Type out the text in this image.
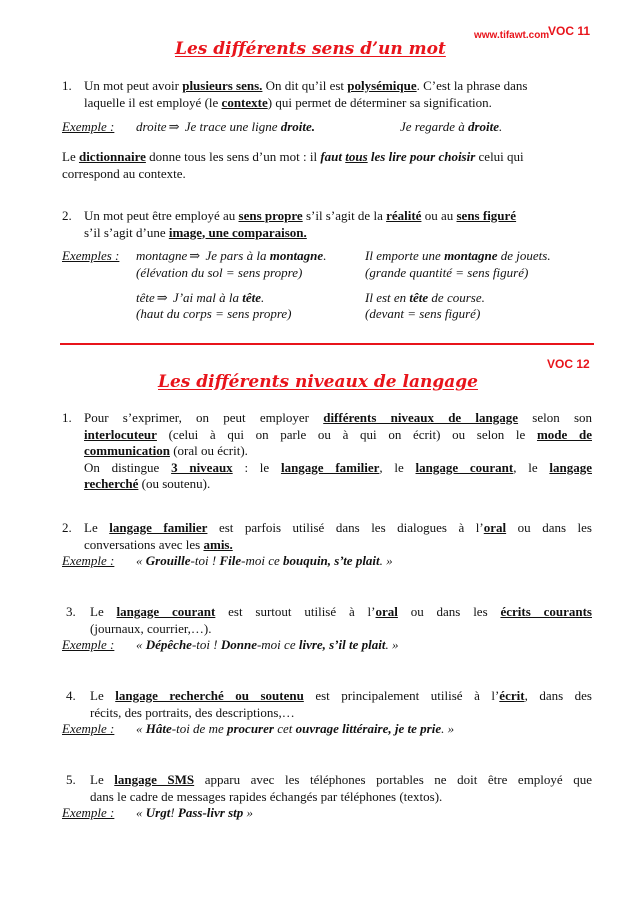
www.tifawt.com
VOC 11
Les différents sens d’un mot
1. Un mot peut avoir plusieurs sens. On dit qu’il est polysémique. C’est la phrase dans
laquelle il est employé (le contexte) qui permet de déterminer sa signification.
Exemple : droite ⇒ Je trace une ligne droite.	Je regarde à droite.
Le dictionnaire donne tous les sens d’un mot : il faut tous les lire pour choisir celui qui
correspond au contexte.
2. Un mot peut être employé au sens propre s’il s’agit de la réalité ou au sens figuré
s’il s’agit d’une image, une comparaison.
Exemples : montagne ⇒ Je pars à la montagne.	Il emporte une montagne de jouets.
(élévation du sol = sens propre)	(grande quantité = sens figuré)
tête ⇒ J’ai mal à la tête.	Il est en tête de course.
(haut du corps = sens propre)	(devant = sens figuré)
VOC 12
Les différents niveaux de langage
1. Pour s’exprimer, on peut employer différents niveaux de langage selon son
interlocuteur (celui à qui on parle ou à qui on écrit) ou selon le mode de
communication (oral ou écrit).
On distingue 3 niveaux : le langage familier, le langage courant, le langage
recherché (ou soutenu).
2. Le langage familier est parfois utilisé dans les dialogues à l’oral ou dans les
conversations avec les amis.
Exemple : « Grouille-toi ! File-moi ce bouquin, s’te plait. »
3. Le langage courant est surtout utilisé à l’oral ou dans les écrits courants
(journaux, courrier,…).
Exemple : « Dépêche-toi ! Donne-moi ce livre, s’il te plait. »
4. Le langage recherché ou soutenu est principalement utilisé à l’écrit, dans des
récits, des portraits, des descriptions,…
Exemple : « Hâte-toi de me procurer cet ouvrage littéraire, je te prie. »
5. Le langage SMS apparu avec les téléphones portables ne doit être employé que
dans le cadre de messages rapides échangés par téléphones (textos).
Exemple : « Urgt! Pass-livr stp »
